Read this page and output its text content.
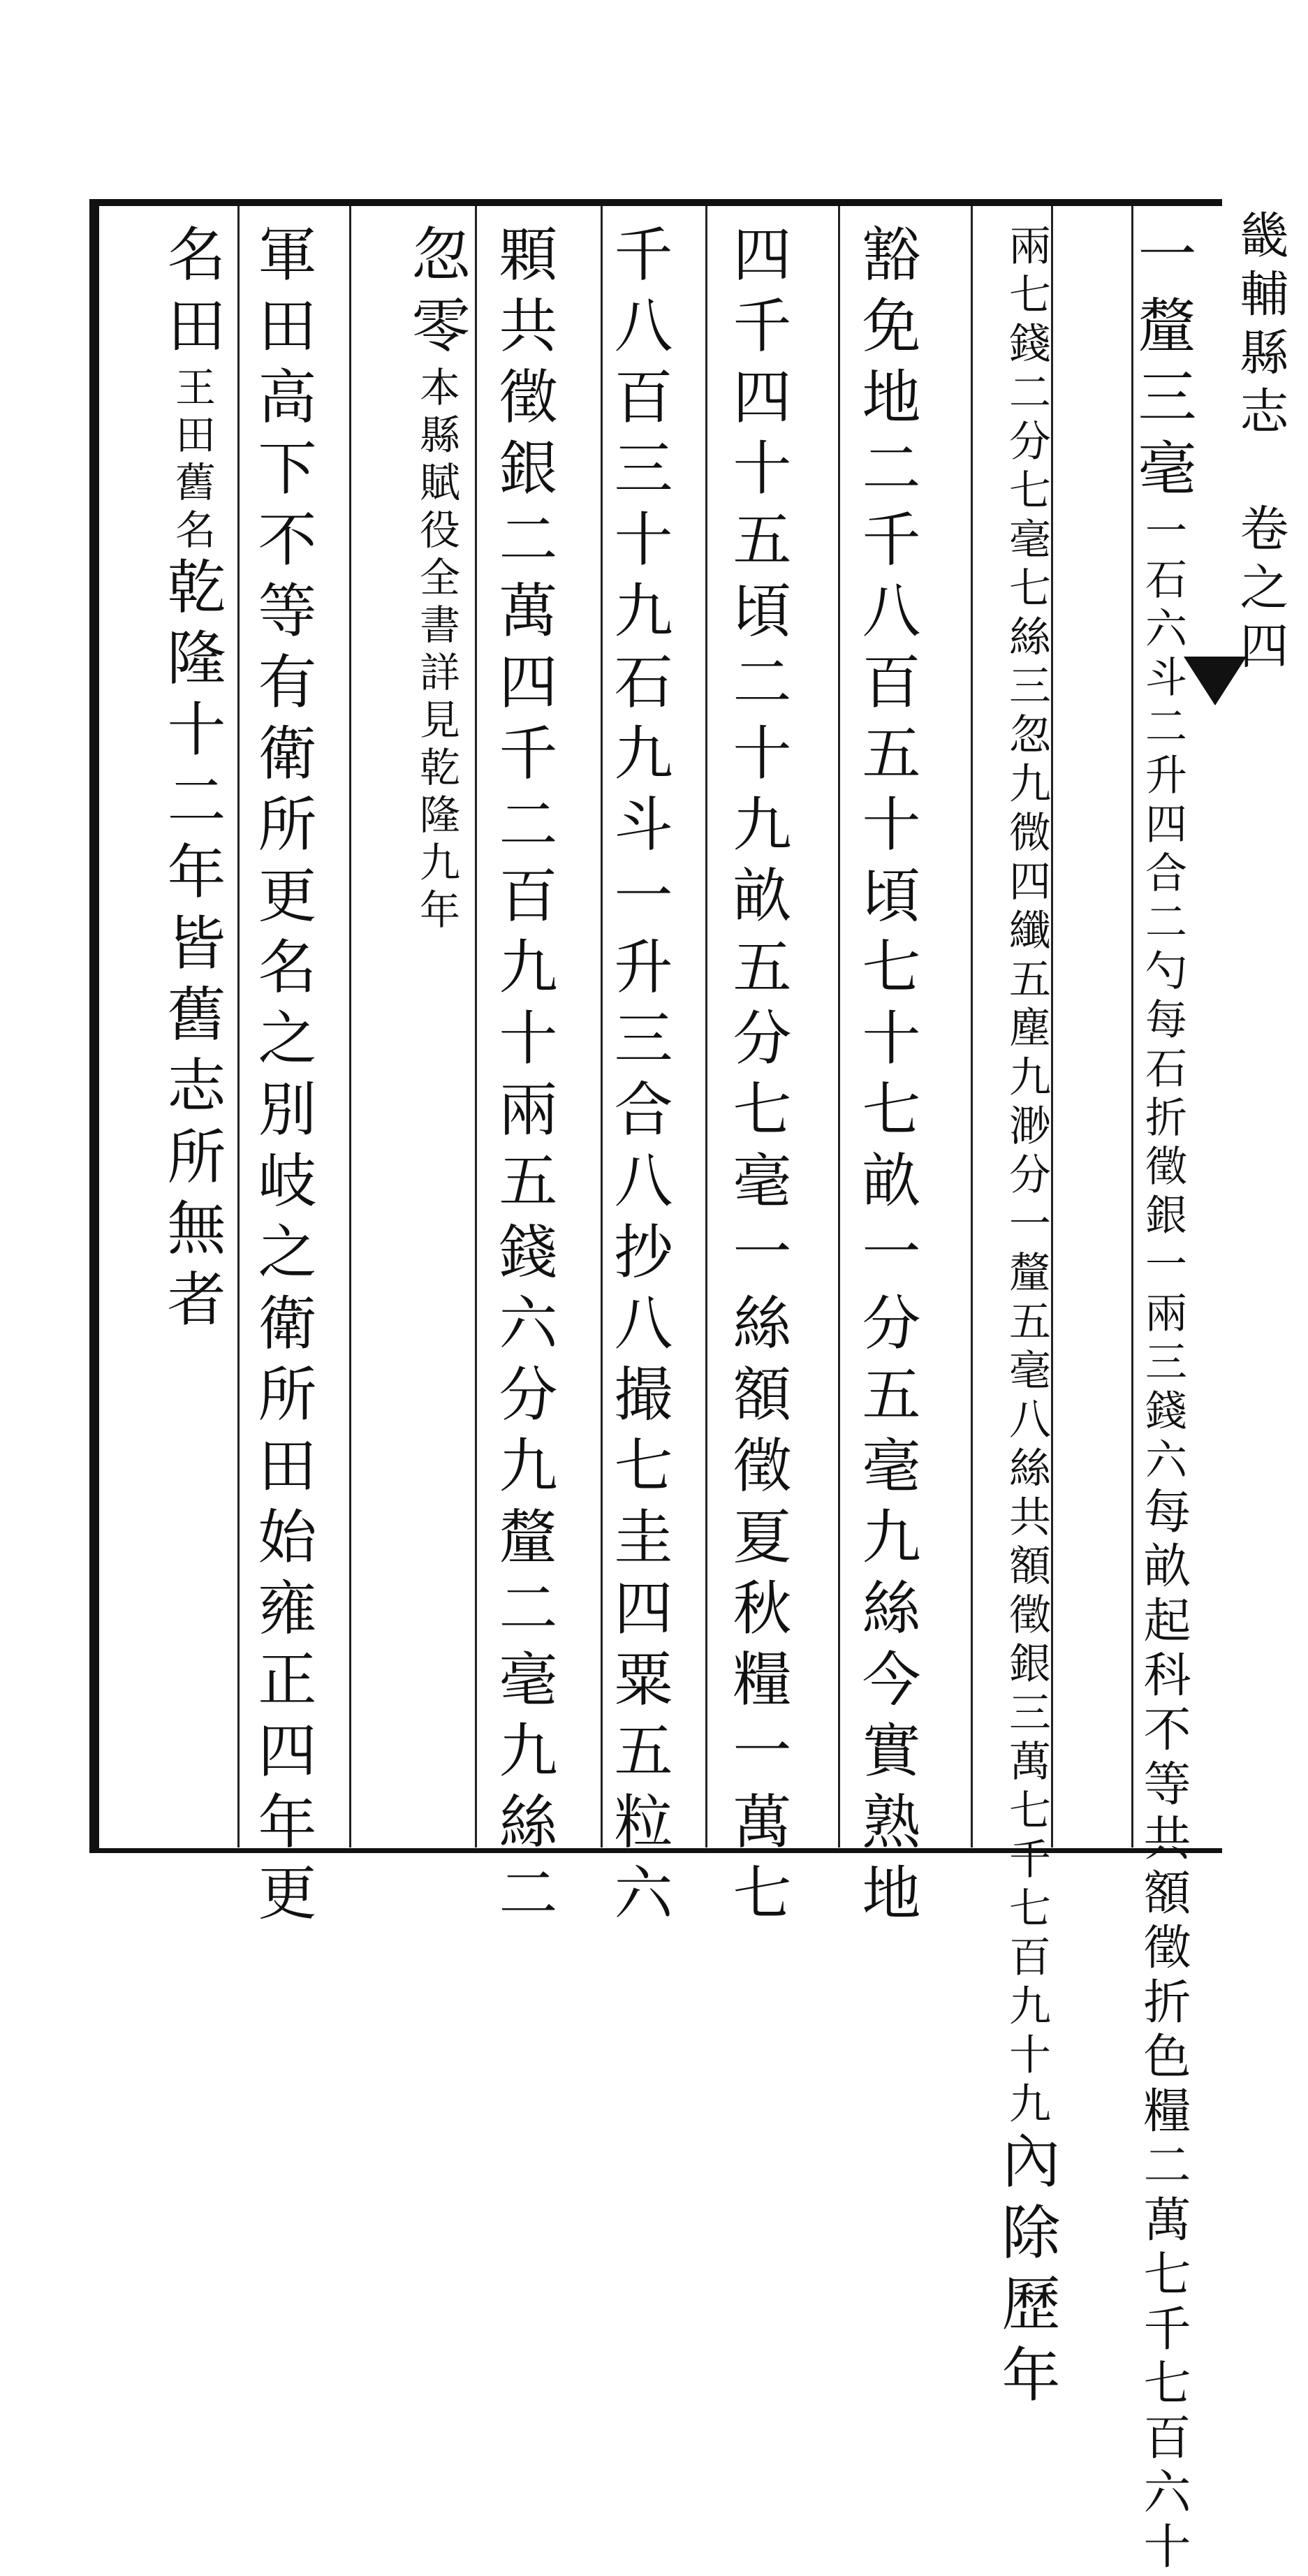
畿輔縣志　卷之四
一釐三毫
每畝起科不等共額徵折色糧二萬七千七百六十
一石六斗二升四合二勺每石折徵銀一兩三錢六
分一釐五毫八絲共額徵銀三萬七千七百九十九
兩七錢二分七毫七絲三忽九微四纖五塵九渺
內除歷年
豁免地二千八百五十頃七十七畝一分五毫九絲今實熟地
四千四十五頃二十九畝五分七毫一絲額徵夏秋糧一萬七
千八百三十九石九斗一升三合八抄八撮七圭四粟五粒六
顆共徵銀二萬四千二百九十兩五錢六分九釐二毫九絲二
忽零
詳見乾隆九年
本縣賦役全書
軍田高下不等有衛所更名之別岐之衛所田始雍正四年更
名田
舊名
王田
乾隆十二年皆舊志所無者
